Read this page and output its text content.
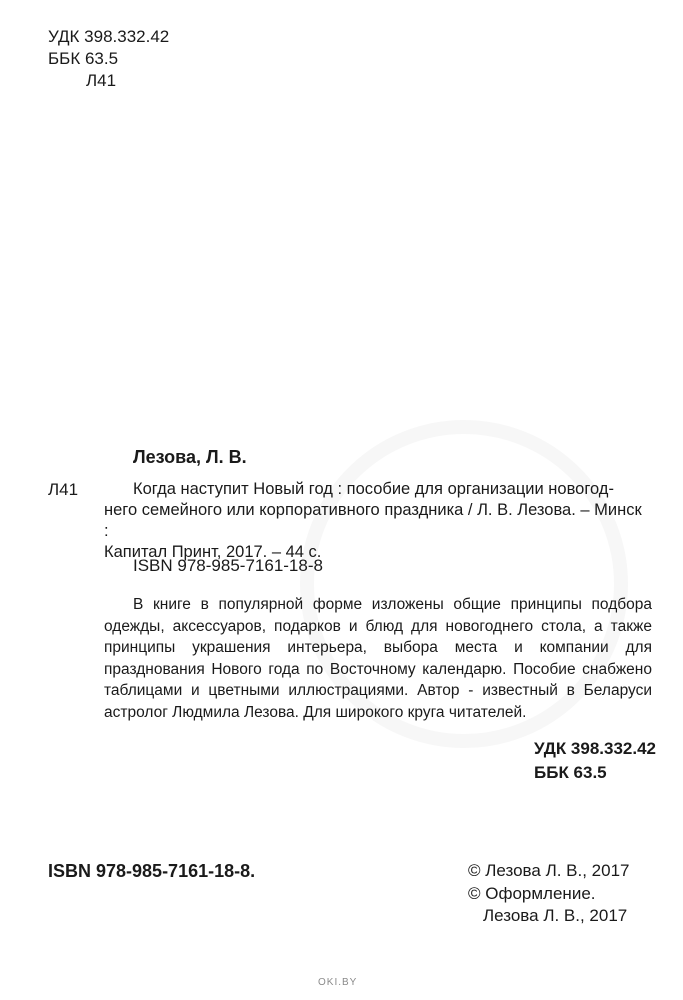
УДК 398.332.42
ББК 63.5
Л41
Лезова, Л. В.
Л41	Когда наступит Новый год : пособие для организации новогод-
него семейного или корпоративного праздника / Л. В. Лезова. – Минск :
Капитал Принт, 2017. – 44 с.
ISBN 978-985-7161-18-8
В книге в популярной форме изложены общие принципы подбора одежды, аксессуаров, подарков и блюд для новогоднего стола, а также принципы украшения интерьера, выбора места и компании для празднования Нового года по Восточному календарю. Пособие снабжено таблицами и цветными иллюстрациями. Автор - известный в Беларуси астролог Людмила Лезова. Для широкого круга читателей.
УДК 398.332.42
ББК 63.5
ISBN 978-985-7161-18-8.	© Лезова Л. В., 2017
© Оформление.
Лезова Л. В., 2017
OKI.BY
